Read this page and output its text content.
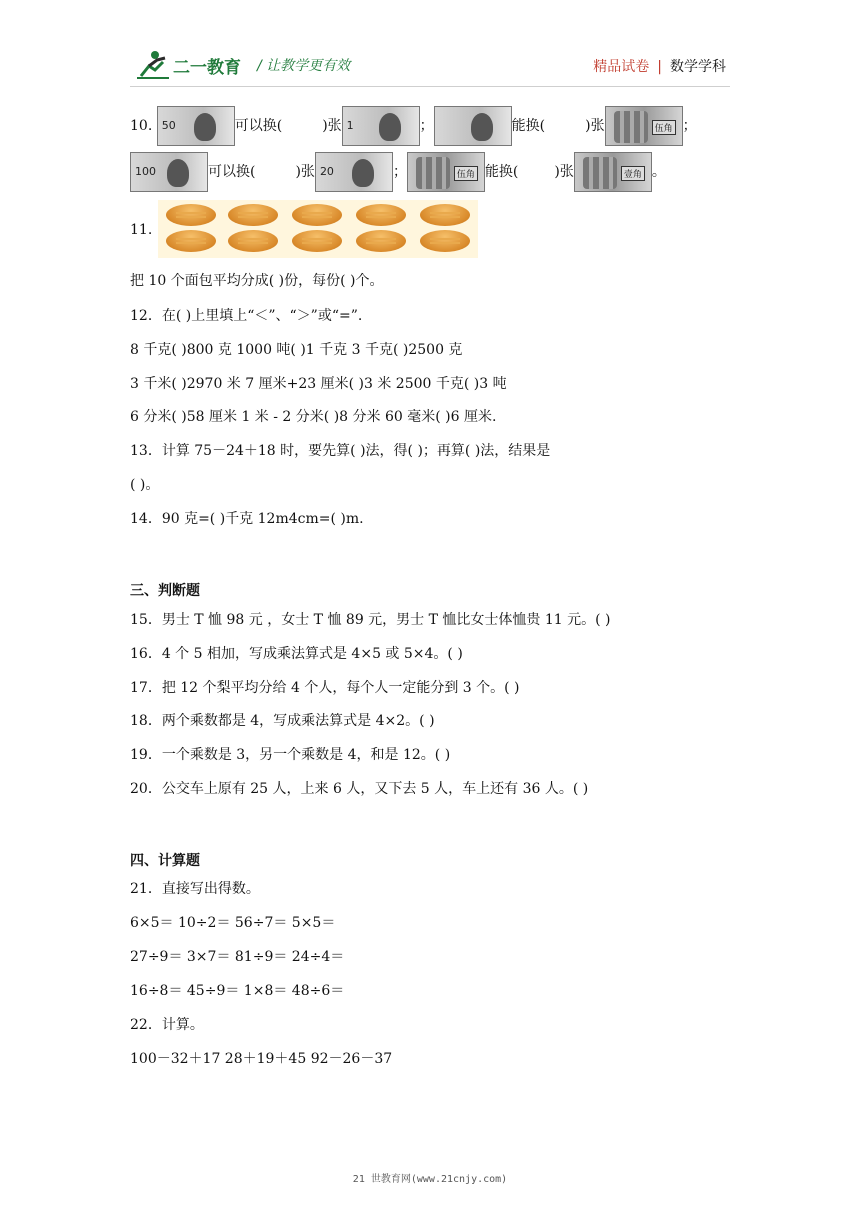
二一教育 / 让教学更有效	精品试卷 | 数学学科
10. 50	可以换(	)张 1	；	能换(	)张	伍角 ；
100	可以换(	)张 20	；	伍角 能换(	)张	壹角 。
11.
把 10 个面包平均分成( )份，每份( )个。
12．在( )上里填上“＜”、“＞”或“=”.
8 千克( )800 克 1000 吨( )1 千克 3 千克( )2500 克
3 千米( )2970 米 7 厘米+23 厘米( )3 米 2500 千克( )3 吨
6 分米( )58 厘米 1 米 - 2 分米( )8 分米 60 毫米( )6 厘米.
13．计算 75－24＋18 时，要先算( )法，得( )；再算( )法，结果是
( )。
14．90 克=( )千克 12m4cm=( )m.
三、判断题
15．男士 T 恤 98 元 ，女士 T 恤 89 元，男士 T 恤比女士体恤贵 11 元。( )
16．4 个 5 相加，写成乘法算式是 4×5 或 5×4。( )
17．把 12 个梨平均分给 4 个人，每个人一定能分到 3 个。( )
18．两个乘数都是 4，写成乘法算式是 4×2。( )
19．一个乘数是 3，另一个乘数是 4，和是 12。( )
20．公交车上原有 25 人，上来 6 人，又下去 5 人，车上还有 36 人。( )
四、计算题
21．直接写出得数。
6×5＝ 10÷2＝ 56÷7＝ 5×5＝
27÷9＝ 3×7＝ 81÷9＝ 24÷4＝
16÷8＝ 45÷9＝ 1×8＝ 48÷6＝
22．计算。
100－32＋17 28＋19＋45 92－26－37
21 世教育网(www.21cnjy.com)
